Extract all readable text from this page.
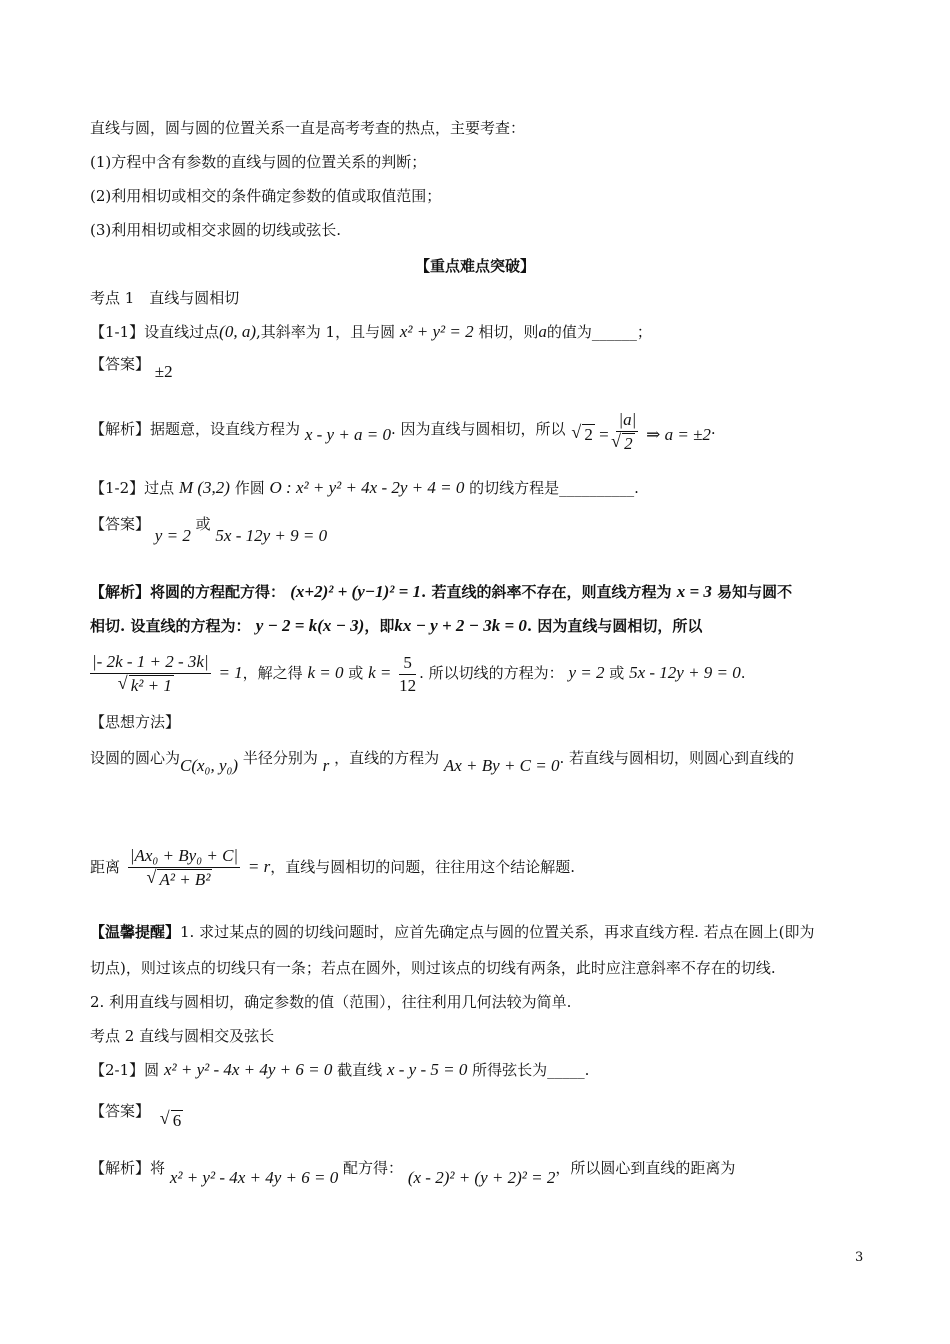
直线与圆，圆与圆的位置关系一直是高考考查的热点，主要考查：
(1)方程中含有参数的直线与圆的位置关系的判断；
(2)利用相切或相交的条件确定参数的值或取值范围；
(3)利用相切或相交求圆的切线或弦长.
【重点难点突破】
考点 1　直线与圆相切
【1-1】设直线过点(0, a),其斜率为 1，且与圆 x² + y² = 2 相切，则a的值为______；
【答案】 ±2
【解析】据题意，设直线方程为 x - y + a = 0. 因为直线与圆相切，所以 √ 2 = |a|
√ 2 ⇒ a = ±2.
【1-2】过点 M (3,2) 作圆 O : x² + y² + 4x - 2y + 4 = 0 的切线方程是__________.
【答案】 y = 2 或 5x - 12y + 9 = 0
【解析】将圆的方程配方得： (x+2)² + (y−1)² = 1. 若直线的斜率不存在，则直线方程为 x = 3 易知与圆不
相切. 设直线的方程为： y − 2 = k(x − 3)，即kx − y + 2 − 3k = 0. 因为直线与圆相切，所以
|- 2k - 1 + 2 - 3k|
√ k² + 1 = 1，解之得 k = 0 或 $k = \frac{5}{12}$ . 所以切线的方程为： y = 2 或 5x - 12y + 9 = 0.
【思想方法】
设圆的圆心为C(x₀, y₀) 半径分别为 r ，直线的方程为 Ax + By + C = 0. 若直线与圆相切，则圆心到直线的
距离 |Ax₀ + By₀ + C|
√ A² + B² = r，直线与圆相切的问题，往往用这个结论解题.
【温馨提醒】1. 求过某点的圆的切线问题时，应首先确定点与圆的位置关系，再求直线方程. 若点在圆上(即为
切点)，则过该点的切线只有一条；若点在圆外，则过该点的切线有两条，此时应注意斜率不存在的切线.
2. 利用直线与圆相切，确定参数的值（范围），往往利用几何法较为简单.
考点 2 直线与圆相交及弦长
【2-1】圆 x² + y² - 4x + 4y + 6 = 0 截直线 x - y - 5 = 0 所得弦长为_____.
【答案】 √ 6
【解析】将 x² + y² - 4x + 4y + 6 = 0 配方得： (x - 2)² + (y + 2)² = 2，所以圆心到直线的距离为
3
